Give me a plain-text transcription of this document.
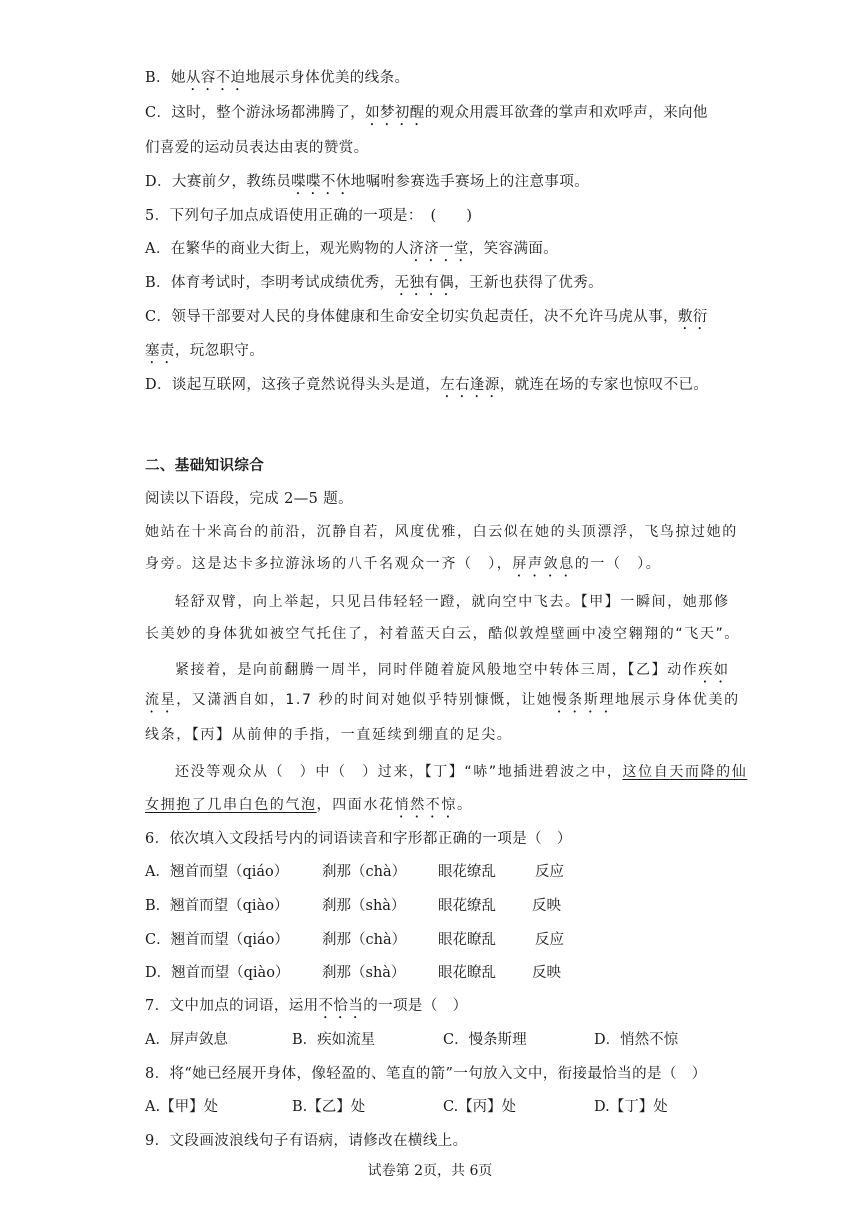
B．她从容不迫地展示身体优美的线条。
C．这时，整个游泳场都沸腾了，如梦初醒的观众用震耳欲聋的掌声和欢呼声，来向他
们喜爱的运动员表达由衷的赞赏。
D．大赛前夕，教练员喋喋不休地嘱咐参赛选手赛场上的注意事项。
5．下列句子加点成语使用正确的一项是：　(　　)
A．在繁华的商业大街上，观光购物的人济济一堂，笑容满面。
B．体育考试时，李明考试成绩优秀，无独有偶，王新也获得了优秀。
C．领导干部要对人民的身体健康和生命安全切实负起责任，决不允许马虎从事，敷衍
塞责，玩忽职守。
D．谈起互联网，这孩子竟然说得头头是道，左右逢源，就连在场的专家也惊叹不已。
二、基础知识综合
阅读以下语段，完成 2—5 题。
她站在十米高台的前沿，沉静自若，风度优雅，白云似在她的头顶漂浮，飞鸟掠过她的
身旁。这是达卡多拉游泳场的八千名观众一齐（　），屏声敛息的一（　）。
轻舒双臂，向上举起，只见吕伟轻轻一蹬，就向空中飞去。【甲】一瞬间，她那修
长美妙的身体犹如被空气托住了，衬着蓝天白云，酷似敦煌壁画中凌空翱翔的“飞天”。
紧接着，是向前翻腾一周半，同时伴随着旋风般地空中转体三周，【乙】动作疾如
流星，又潇洒自如，1.7 秒的时间对她似乎特别慷慨，让她慢条斯理地展示身体优美的
线条，【丙】从前伸的手指，一直延续到绷直的足尖。
还没等观众从（　）中（　）过来，【丁】“哧”地插进碧波之中，这位自天而降的仙
女拥抱了几串白色的气泡，四面水花悄然不惊。
6．依次填入文段括号内的词语读音和字形都正确的一项是（　）
A．翘首而望（qiáo） 刹那（chà） 眼花缭乱	反应
B．翘首而望（qiào） 刹那（shà） 眼花缭乱 反映
C．翘首而望（qiáo） 刹那（chà） 眼花瞭乱	反应
D．翘首而望（qiào） 刹那（shà） 眼花瞭乱 反映
7．文中加点的词语，运用不恰当的一项是（　）
A．屏声敛息	B．疾如流星	C．慢条斯理	D．悄然不惊
8．将“她已经展开身体，像轻盈的、笔直的箭”一句放入文中，衔接最恰当的是（　）
A.【甲】处	B.【乙】处	C.【丙】处	D.【丁】处
9．文段画波浪线句子有语病，请修改在横线上。
试卷第 2页，共 6页
